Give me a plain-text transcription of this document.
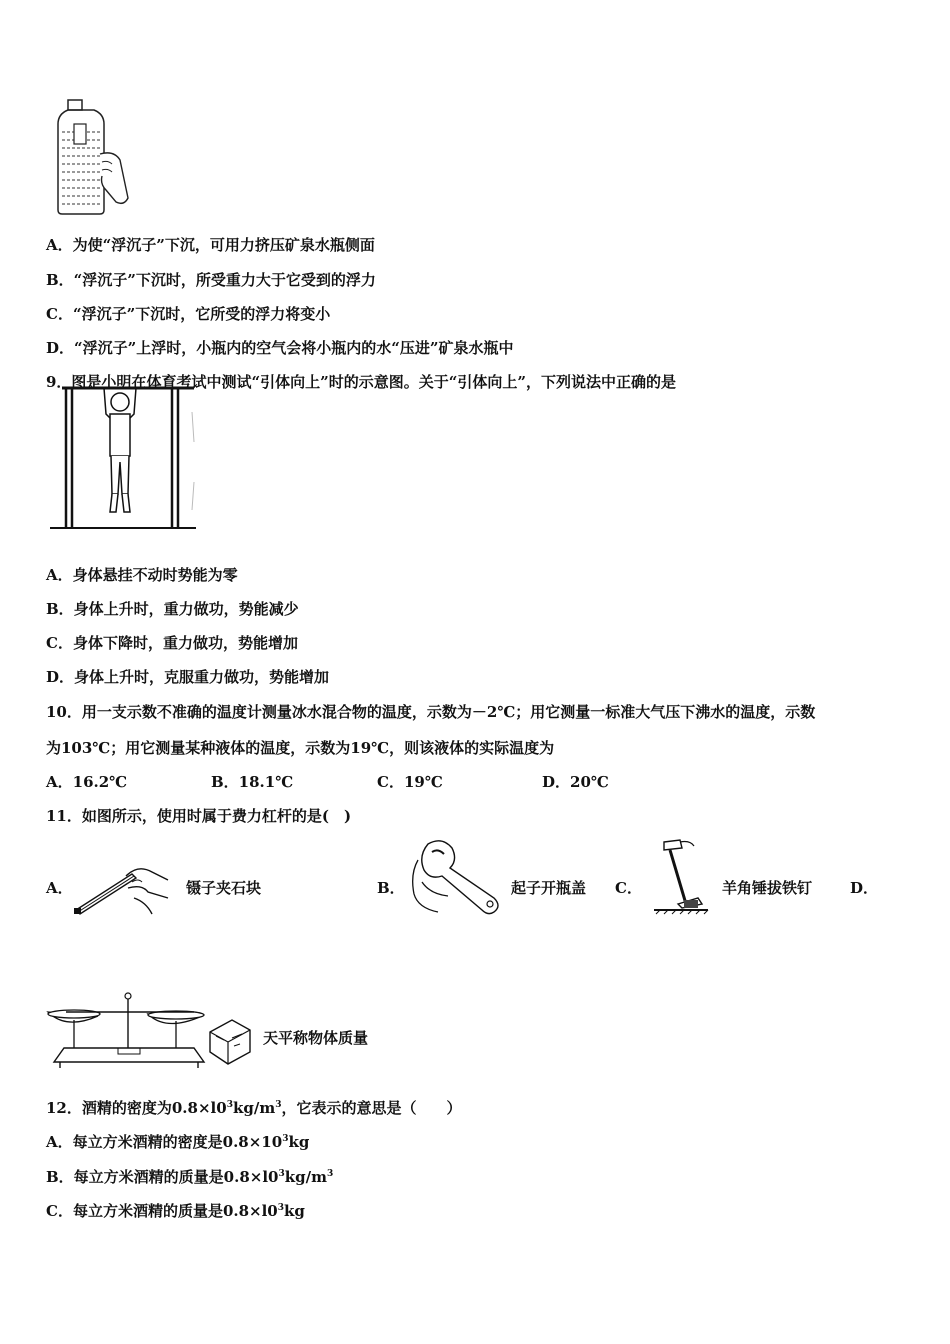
A．为使“浮沉子”下沉，可用力挤压矿泉水瓶侧面
B．“浮沉子”下沉时，所受重力大于它受到的浮力
C．“浮沉子”下沉时，它所受的浮力将变小
D．“浮沉子”上浮时，小瓶内的空气会将小瓶内的水“压进”矿泉水瓶中
9．图是小明在体育考试中测试“引体向上”时的示意图。关于“引体向上”，下列说法中正确的是
A．身体悬挂不动时势能为零
B．身体上升时，重力做功，势能减少
C．身体下降时，重力做功，势能增加
D．身体上升时，克服重力做功，势能增加
10．用一支示数不准确的温度计测量冰水混合物的温度，示数为－2℃；用它测量一标准大气压下沸水的温度，示数
为103℃；用它测量某种液体的温度，示数为19℃，则该液体的实际温度为
A．16.2℃	B．18.1℃	C．19℃	D．20℃
11．如图所示，使用时属于费力杠杆的是(　)
A．	镊子夹石块	B．	起子开瓶盖 C．	羊角锤拔铁钉	D．
天平称物体质量
12．酒精的密度为$0.8\times l0^3kg/m^3$，它表示的意思是（　　）
A．每立方米酒精的密度是$0.8\times 10^3kg$
B．每立方米酒精的质量是$0.8\times l0^3kg/m^3$
C．每立方米酒精的质量是$0.8\times l0^3kg$
